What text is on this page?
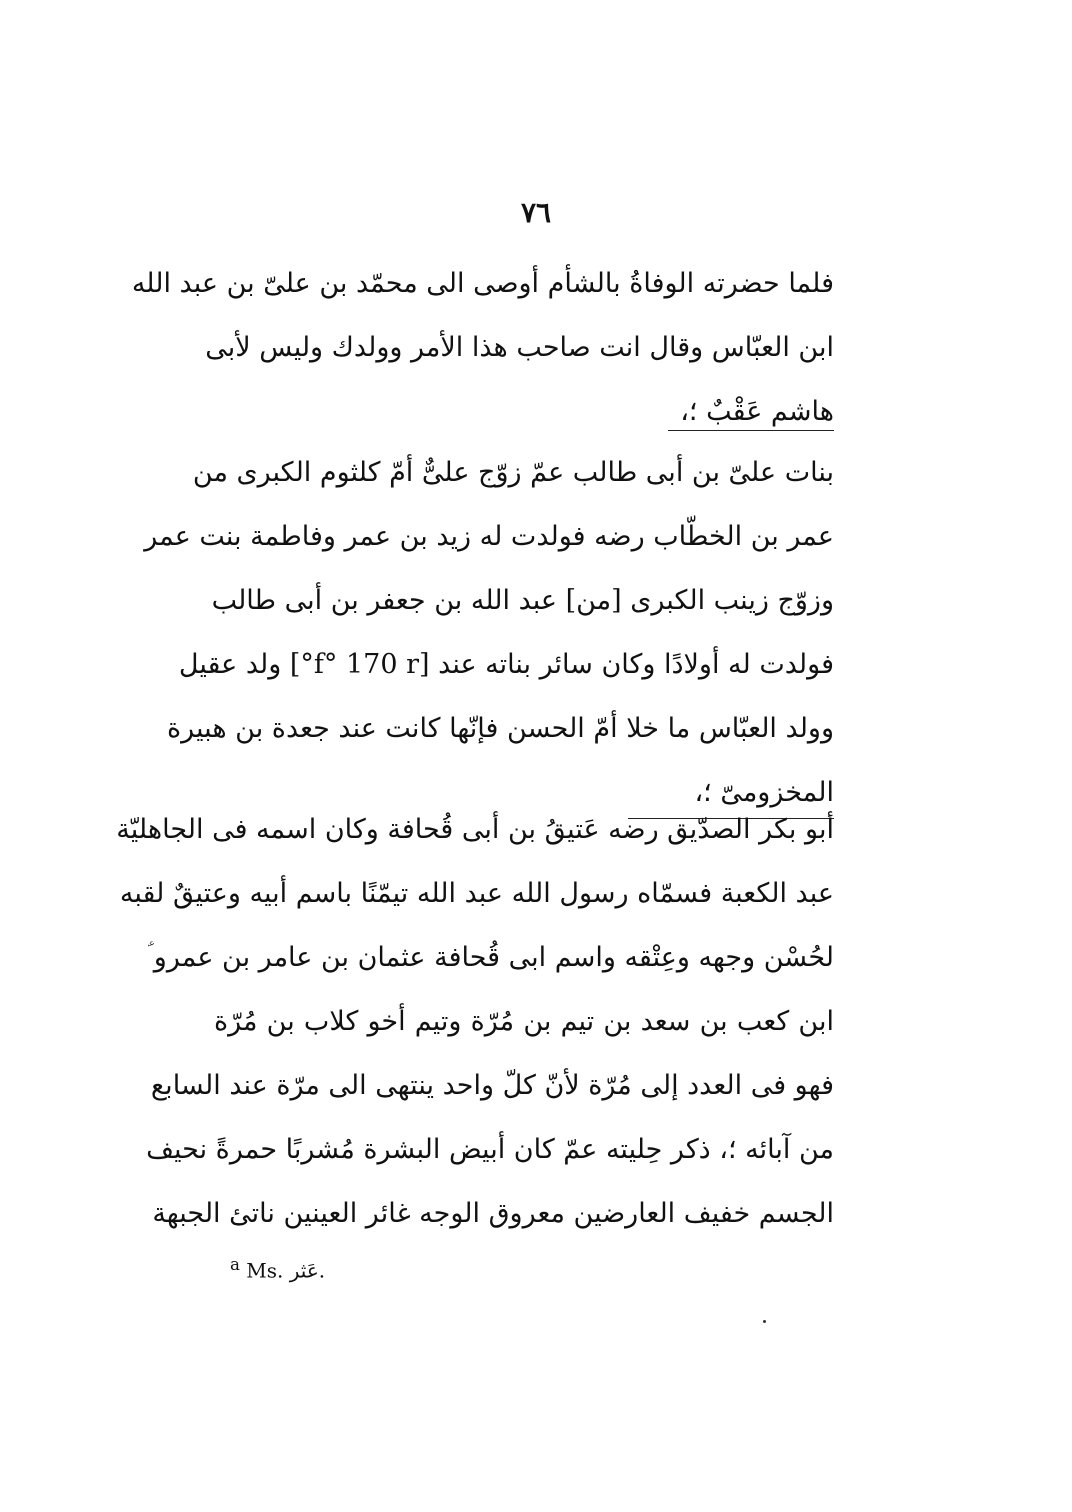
٧٦
فلما حضرته الوفاةُ بالشأم أوصى الى محمّد بن علىّ بن عبد الله
ابن العبّاس وقال انت صاحب هذا الأمر وولدك وليس لأبى
هاشم عَقْبٌ ؛،
بنات علىّ بن أبى طالب عمّ زوّج علىٌّ أمّ كلثوم الكبرى من
عمر بن الخطّاب رضه فولدت له زيد بن عمر وفاطمة بنت عمر
وزوّج زينب الكبرى [من] عبد الله بن جعفر بن أبى طالب
فولدت له أولادًا وكان سائر بناته عند [f° 170 r°] ولد عقيل
وولد العبّاس ما خلا أمّ الحسن فإنّها كانت عند جعدة بن هبيرة
المخزومىّ ؛،
أبو بكر الصدّيق رضه عَتيقُ بن أبى قُحافة وكان اسمه فى الجاهليّة
عبد الكعبة فسمّاه رسول الله عبد الله تيمّنًا باسم أبيه وعتيقٌ لقبه
لحُسْن وجهه وعِتْقه واسم ابى قُحافة عثمان بن عامر بن عمرو ؑ
ابن كعب بن سعد بن تيم بن مُرّة وتيم أخو كلاب بن مُرّة
فهو فى العدد إلى مُرّة لأنّ كلّ واحد ينتهى الى مرّة عند السابع
من آبائه ؛، ذكر حِليته عمّ كان أبيض البشرة مُشربًا حمرةً نحيف
الجسم خفيف العارضين معروق الوجه غائر العينين ناتئ الجبهة
$^a$ Ms. عَثر.
